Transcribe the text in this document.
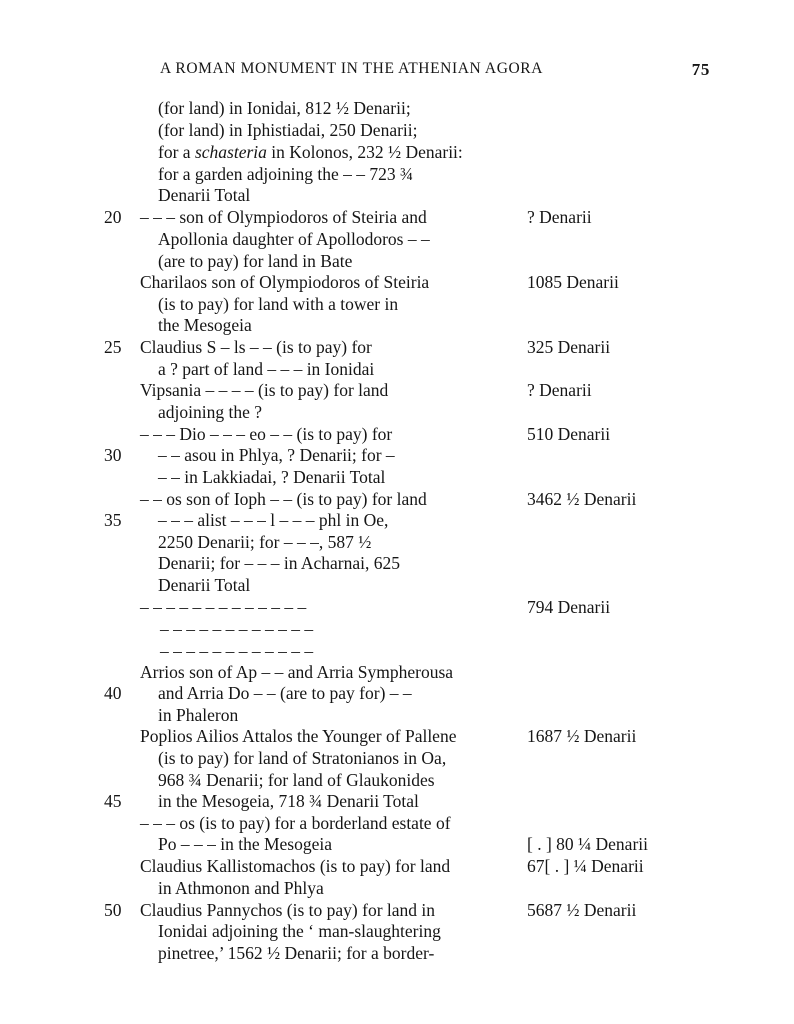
A ROMAN MONUMENT IN THE ATHENIAN AGORA	75
(for land) in Ionidai, 812 ½ Denarii;
(for land) in Iphistiadai, 250 Denarii;
for a schasteria in Kolonos, 232 ½ Denarii:
for a garden adjoining the – – 723 ¾
Denarii Total
20 – – – son of Olympiodoros of Steiria and	? Denarii
Apollonia daughter of Apollodoros – –
(are to pay) for land in Bate
Charilaos son of Olympiodoros of Steiria	1085 Denarii
(is to pay) for land with a tower in
the Mesogeia
25 Claudius S – ls – – (is to pay) for	325 Denarii
a ? part of land – – – in Ionidai
Vipsania – – – – (is to pay) for land	? Denarii
adjoining the ?
– – – Dio – – – eo – – (is to pay) for	510 Denarii
30 – – asou in Phlya, ? Denarii; for –
– – in Lakkiadai, ? Denarii Total
– – os son of Ioph – – (is to pay) for land	3462 ½ Denarii
35 – – – alist – – – l – – – phl in Oe,
2250 Denarii; for – – –, 587 ½
Denarii; for – – – in Acharnai, 625
Denarii Total
– – – – – – – – – – – – –	794 Denarii
– – – – – – – – – – – –
– – – – – – – – – – – –
Arrios son of Ap – – and Arria Sympherousa
40 and Arria Do – – (are to pay for) – –
in Phaleron
Poplios Ailios Attalos the Younger of Pallene	1687 ½ Denarii
(is to pay) for land of Stratonianos in Oa,
968 ¾ Denarii; for land of Glaukonides
45 in the Mesogeia, 718 ¾ Denarii Total
– – – os (is to pay) for a borderland estate of
Po – – – in the Mesogeia	[ . ] 80 ¼ Denarii
Claudius Kallistomachos (is to pay) for land	67[ . ] ¼ Denarii
in Athmonon and Phlya
50 Claudius Pannychos (is to pay) for land in	5687 ½ Denarii
Ionidai adjoining the ‘ man-slaughtering
pinetree,’ 1562 ½ Denarii; for a border-
